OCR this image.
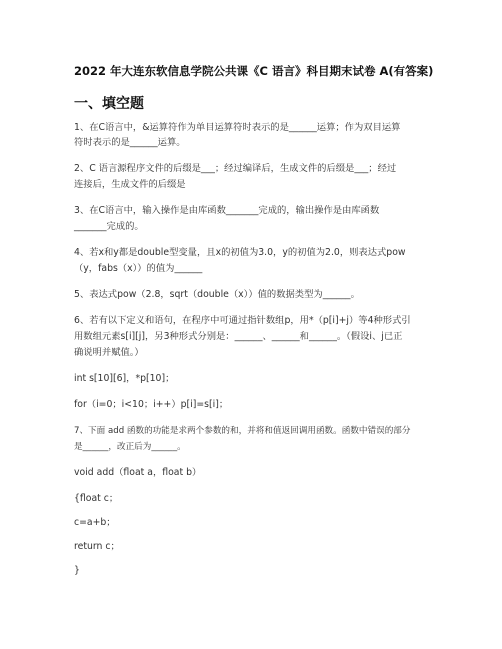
2022 年大连东软信息学院公共课《C 语言》科目期末试卷 A(有答案)
一、填空题
1、在C语言中，&运算符作为单目运算符时表示的是______运算；作为双目运算
符时表示的是______运算。
2、C 语言源程序文件的后缀是___；经过编译后，生成文件的后缀是___；经过
连接后，生成文件的后缀是
3、在C语言中，输入操作是由库函数_______完成的，输出操作是由库函数
_______完成的。
4、若x和y都是double型变量，且x的初值为3.0，y的初值为2.0，则表达式pow
（y，fabs（x））的值为______
5、表达式pow（2.8，sqrt（double（x））值的数据类型为______。
6、若有以下定义和语句，在程序中可通过指针数组p，用*（p[i]+j）等4种形式引
用数组元素s[i][j]，另3种形式分别是：______、______和______。（假设i、j已正
确说明并赋值。）
int s[10][6]，*p[10]；
for（i=0；i<10；i++）p[i]=s[i]；
7、下面 add 函数的功能是求两个参数的和，并将和值返回调用函数。函数中错误的部分
是______，改正后为______。
void add（float a，float b）
{float c；
c=a+b；
return c；
}
